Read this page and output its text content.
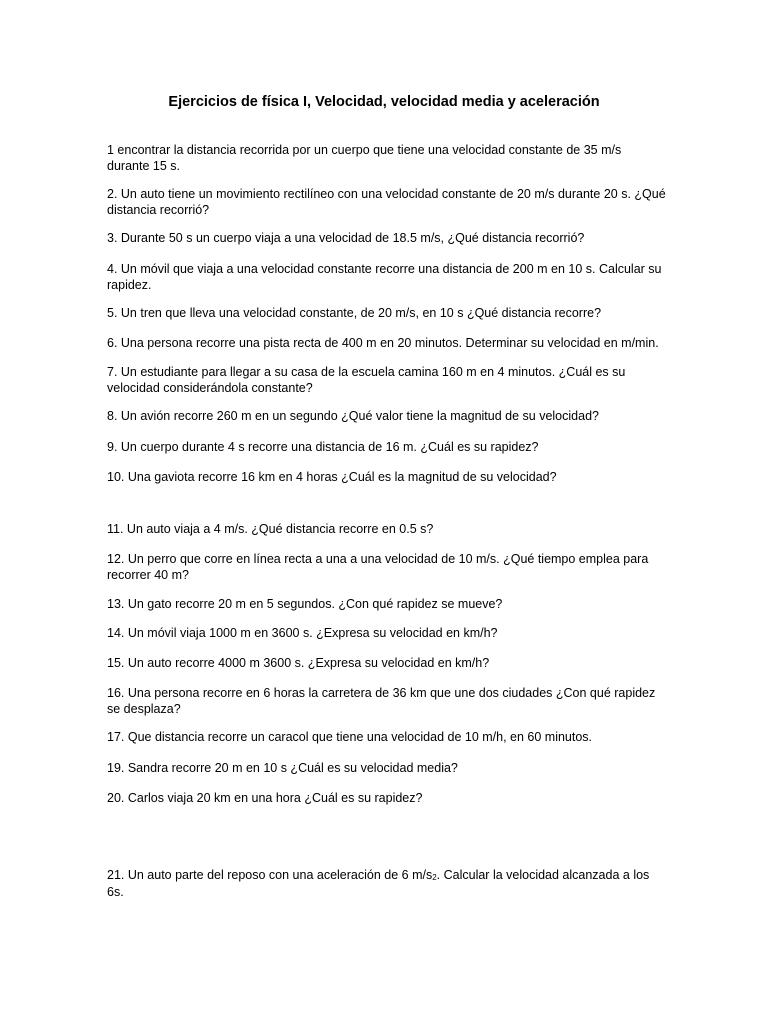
Ejercicios de física I, Velocidad, velocidad media y aceleración

1 encontrar la distancia recorrida por un cuerpo que tiene una velocidad constante de 35 m/s durante 15 s.

2. Un auto tiene un movimiento rectilíneo con una velocidad constante de 20 m/s durante 20 s. ¿Qué distancia recorrió?

3. Durante 50 s un cuerpo viaja a una velocidad de 18.5 m/s, ¿Qué distancia recorrió?

4. Un móvil que viaja a una velocidad constante recorre una distancia de 200 m en 10 s. Calcular su rapidez.

5. Un tren que lleva una velocidad constante, de 20 m/s, en 10 s ¿Qué distancia recorre?

6. Una persona recorre una pista recta de 400 m en 20 minutos. Determinar su velocidad en m/min.

7. Un estudiante para llegar a su casa de la escuela camina 160 m en 4 minutos. ¿Cuál es su velocidad considerándola constante?

8. Un avión recorre 260 m en un segundo ¿Qué valor tiene la magnitud de su velocidad?

9. Un cuerpo durante 4 s recorre una distancia de 16 m. ¿Cuál es su rapidez?

10. Una gaviota recorre 16 km en 4 horas ¿Cuál es la magnitud de su velocidad?

11. Un auto viaja a 4 m/s. ¿Qué distancia recorre en 0.5 s?

12. Un perro que corre en línea recta a una a una velocidad de 10 m/s. ¿Qué tiempo emplea para recorrer 40 m?

13. Un gato recorre 20 m en 5 segundos. ¿Con qué rapidez se mueve?

14. Un móvil viaja 1000 m en 3600 s. ¿Expresa su velocidad en km/h?

15. Un auto recorre 4000 m 3600 s. ¿Expresa su velocidad en km/h?

16. Una persona recorre en 6 horas la carretera de 36 km que une dos ciudades ¿Con qué rapidez se desplaza?

17. Que distancia recorre un caracol que tiene una velocidad de 10 m/h, en 60 minutos.

19. Sandra recorre 20 m en 10 s ¿Cuál es su velocidad media?

20. Carlos viaja 20 km en una hora ¿Cuál es su rapidez?

21. Un auto parte del reposo con una aceleración de 6 $m/s_2$. Calcular la velocidad alcanzada a los 6s.
